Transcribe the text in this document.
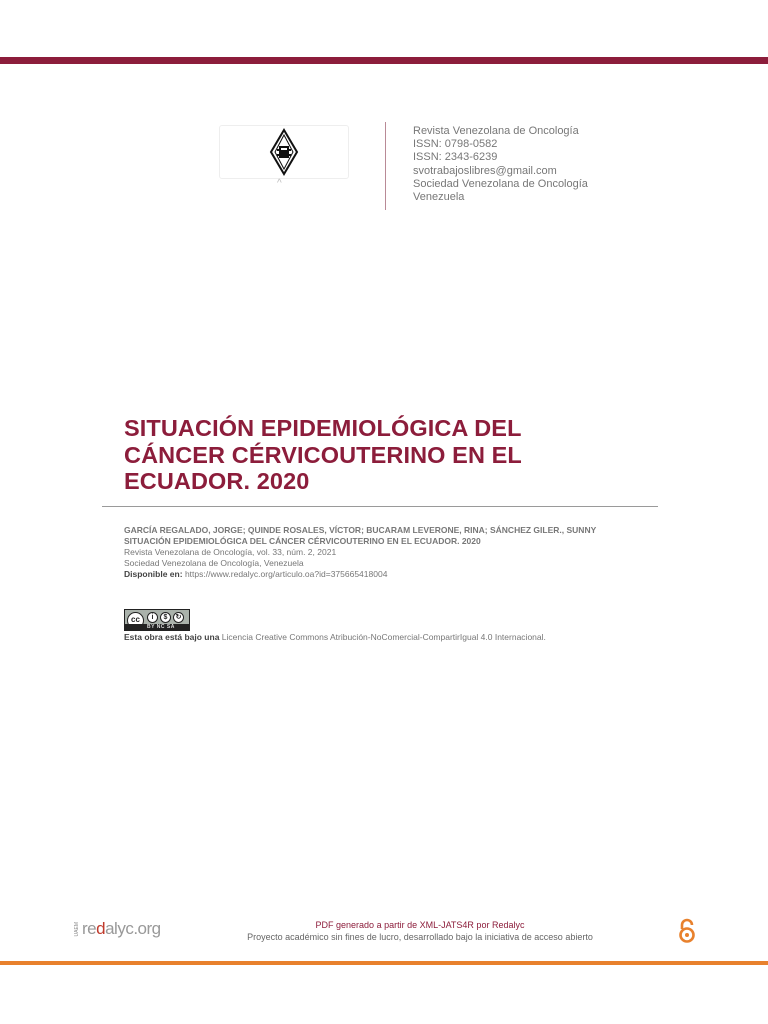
^
Revista Venezolana de Oncología
ISSN: 0798-0582
ISSN: 2343-6239
svotrabajoslibres@gmail.com
Sociedad Venezolana de Oncología
Venezuela
SITUACIÓN EPIDEMIOLÓGICA DEL
CÁNCER CÉRVICOUTERINO EN EL
ECUADOR. 2020
GARCÍA REGALADO, JORGE; QUINDE ROSALES, VÍCTOR; BUCARAM LEVERONE, RINA; SÁNCHEZ GILER., SUNNY
SITUACIÓN EPIDEMIOLÓGICA DEL CÁNCER CÉRVICOUTERINO EN EL ECUADOR. 2020
Revista Venezolana de Oncología, vol. 33, núm. 2, 2021
Sociedad Venezolana de Oncología, Venezuela
Disponible en: https://www.redalyc.org/articulo.oa?id=375665418004
cc	i	$	↻
BY NC SA
Esta obra está bajo una Licencia Creative Commons Atribución-NoComercial-CompartirIgual 4.0 Internacional.
UAEM redalyc.org	PDF generado a partir de XML-JATS4R por Redalyc
Proyecto académico sin fines de lucro, desarrollado bajo la iniciativa de acceso abierto
